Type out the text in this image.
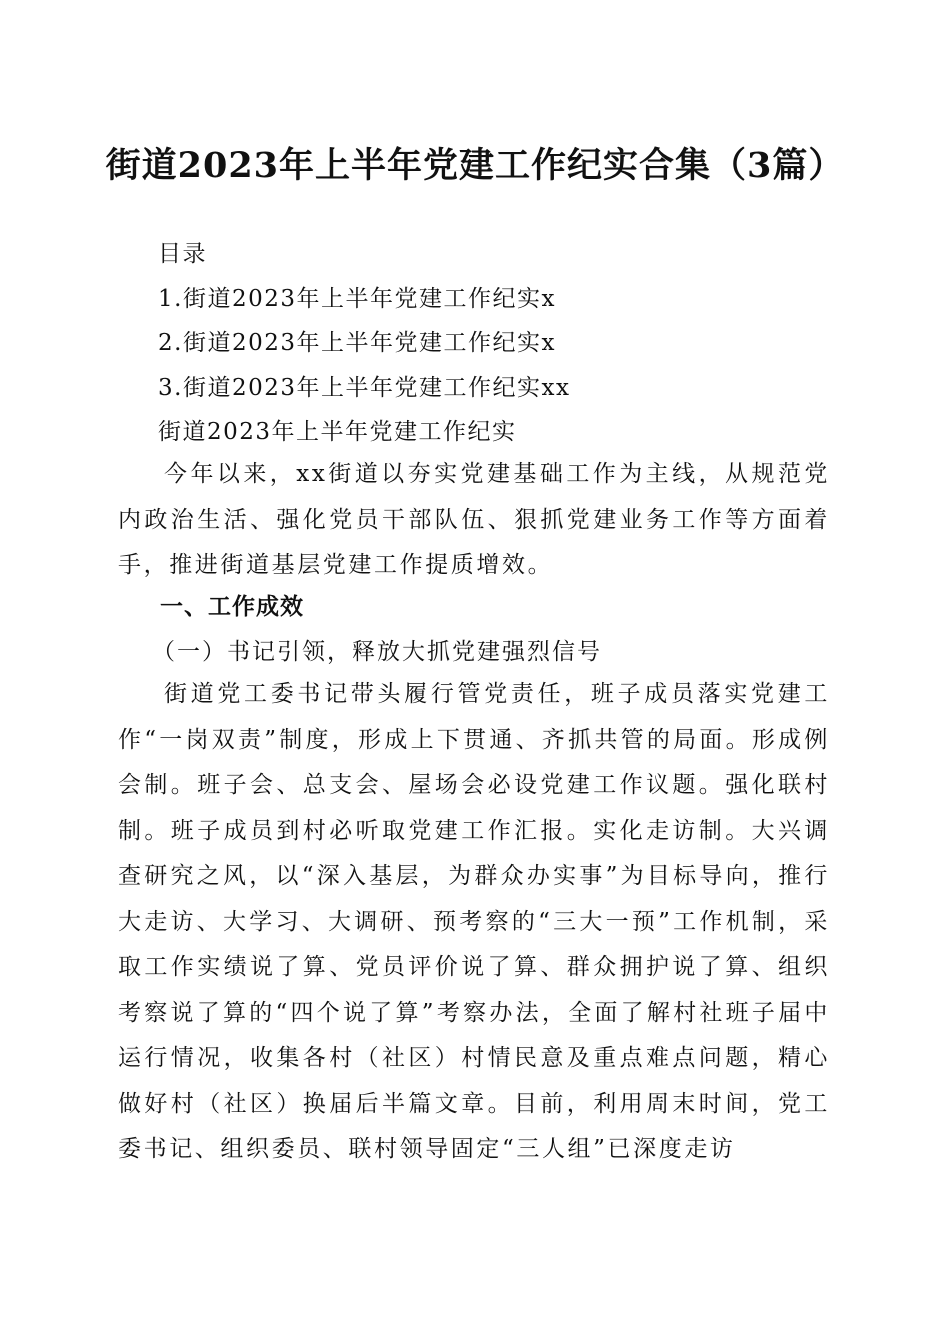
街道2023年上半年党建工作纪实合集（3篇）
目录
1.街道2023年上半年党建工作纪实x
2.街道2023年上半年党建工作纪实x
3.街道2023年上半年党建工作纪实xx
街道2023年上半年党建工作纪实
今年以来，xx街道以夯实党建基础工作为主线，从规范党内政治生活、强化党员干部队伍、狠抓党建业务工作等方面着手，推进街道基层党建工作提质增效。
一、工作成效
（一）书记引领，释放大抓党建强烈信号
街道党工委书记带头履行管党责任，班子成员落实党建工作“一岗双责”制度，形成上下贯通、齐抓共管的局面。形成例会制。班子会、总支会、屋场会必设党建工作议题。强化联村制。班子成员到村必听取党建工作汇报。实化走访制。大兴调查研究之风，以“深入基层，为群众办实事”为目标导向，推行大走访、大学习、大调研、预考察的“三大一预”工作机制，采取工作实绩说了算、党员评价说了算、群众拥护说了算、组织考察说了算的“四个说了算”考察办法，全面了解村社班子届中运行情况，收集各村（社区）村情民意及重点难点问题，精心做好村（社区）换届后半篇文章。目前，利用周末时间，党工委书记、组织委员、联村领导固定“三人组”已深度走访
